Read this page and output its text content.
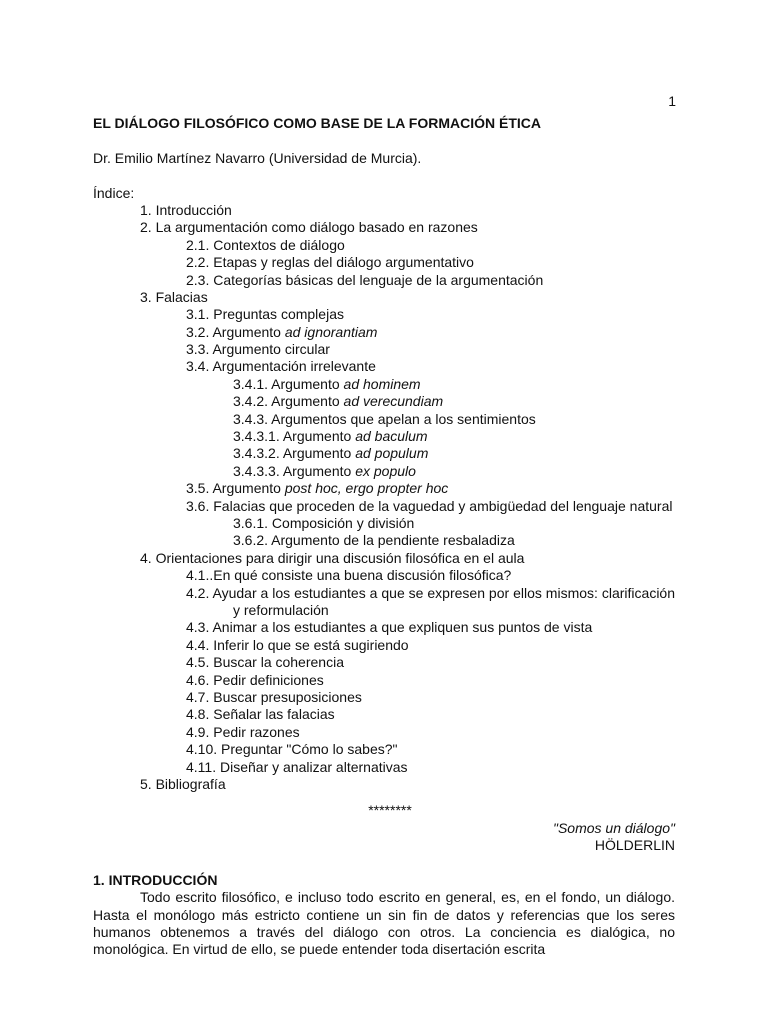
1
EL DIÁLOGO FILOSÓFICO COMO BASE DE LA FORMACIÓN ÉTICA
Dr. Emilio Martínez Navarro (Universidad de Murcia).
Índice:
1. Introducción
2. La argumentación como diálogo basado en razones
2.1. Contextos de diálogo
2.2. Etapas y reglas del diálogo argumentativo
2.3. Categorías básicas del lenguaje de la argumentación
3. Falacias
3.1. Preguntas complejas
3.2. Argumento ad ignorantiam
3.3. Argumento circular
3.4. Argumentación irrelevante
3.4.1. Argumento ad hominem
3.4.2. Argumento ad verecundiam
3.4.3. Argumentos que apelan a los sentimientos
3.4.3.1. Argumento ad baculum
3.4.3.2. Argumento ad populum
3.4.3.3. Argumento ex populo
3.5. Argumento post hoc, ergo propter hoc
3.6. Falacias que proceden de la vaguedad y ambigüedad del lenguaje natural
3.6.1. Composición y división
3.6.2. Argumento de la pendiente resbaladiza
4. Orientaciones para dirigir una discusión filosófica en el aula
4.1..En qué consiste una buena discusión filosófica?
4.2. Ayudar a los estudiantes a que se expresen por ellos mismos: clarificación y reformulación
4.3. Animar a los estudiantes a que expliquen sus puntos de vista
4.4. Inferir lo que se está sugiriendo
4.5. Buscar la coherencia
4.6. Pedir definiciones
4.7. Buscar presuposiciones
4.8. Señalar las falacias
4.9. Pedir razones
4.10. Preguntar "Cómo lo sabes?"
4.11. Diseñar y analizar alternativas
5. Bibliografía
********
"Somos un diálogo"
HÖLDERLIN
1. INTRODUCCIÓN

Todo escrito filosófico, e incluso todo escrito en general, es, en el fondo, un diálogo. Hasta el monólogo más estricto contiene un sin fin de datos y referencias que los seres humanos obtenemos a través del diálogo con otros. La conciencia es dialógica, no monológica. En virtud de ello, se puede entender toda disertación escrita
